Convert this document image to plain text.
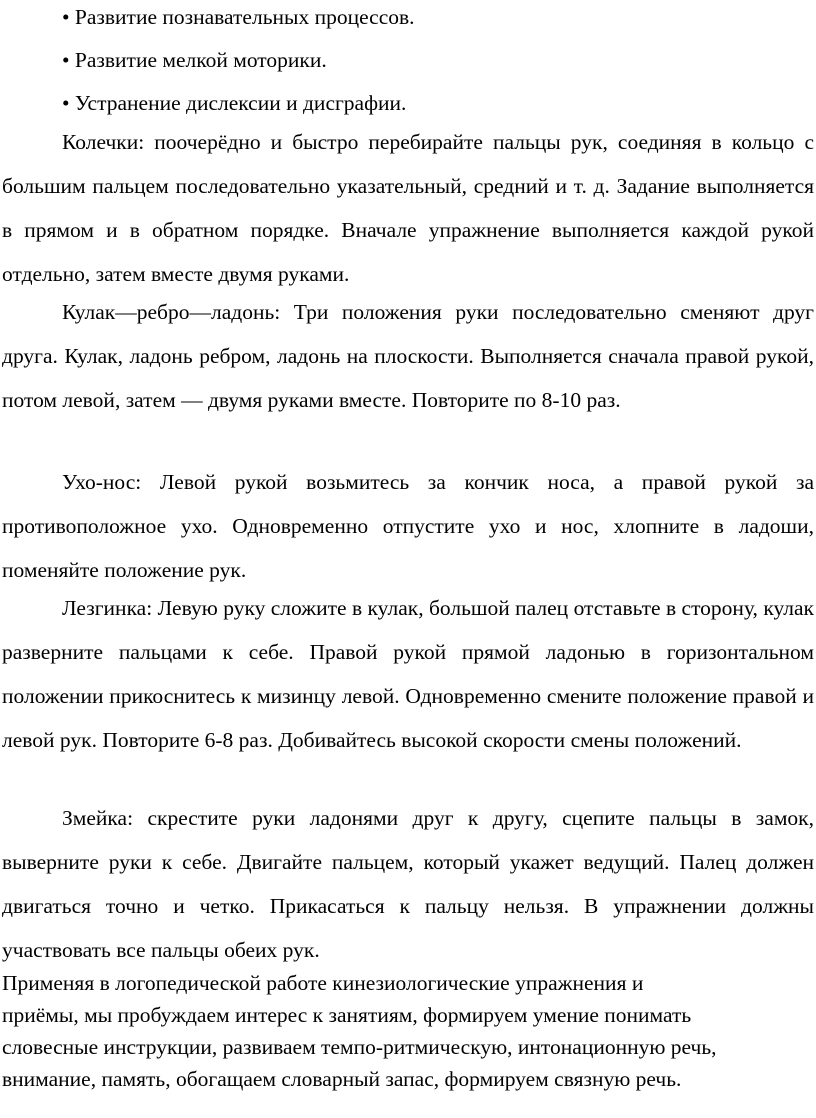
• Развитие познавательных процессов.
• Развитие мелкой моторики.
• Устранение дислексии и дисграфии.

Колечки: поочерёдно и быстро перебирайте пальцы рук, соединяя в кольцо с большим пальцем последовательно указательный, средний и т. д. Задание выполняется в прямом и в обратном порядке. Вначале упражнение выполняется каждой рукой отдельно, затем вместе двумя руками.

Кулак—ребро—ладонь: Три положения руки последовательно сменяют друг друга. Кулак, ладонь ребром, ладонь на плоскости. Выполняется сначала правой рукой, потом левой, затем — двумя руками вместе. Повторите по 8-10 раз.

Ухо-нос: Левой рукой возьмитесь за кончик носа, а правой рукой за противоположное ухо. Одновременно отпустите ухо и нос, хлопните в ладоши, поменяйте положение рук.

Лезгинка: Левую руку сложите в кулак, большой палец отставьте в сторону, кулак разверните пальцами к себе. Правой рукой прямой ладонью в горизонтальном положении прикоснитесь к мизинцу левой. Одновременно смените положение правой и левой рук. Повторите 6-8 раз. Добивайтесь высокой скорости смены положений.

Змейка: скрестите руки ладонями друг к другу, сцепите пальцы в замок, выверните руки к себе. Двигайте пальцем, который укажет ведущий. Палец должен двигаться точно и четко. Прикасаться к пальцу нельзя. В упражнении должны участвовать все пальцы обеих рук.

Применяя в логопедической работе кинезиологические упражнения и
приёмы, мы пробуждаем интерес к занятиям, формируем умение понимать
словесные инструкции, развиваем темпо-ритмическую, интонационную речь,
внимание, память, обогащаем словарный запас, формируем связную речь.
